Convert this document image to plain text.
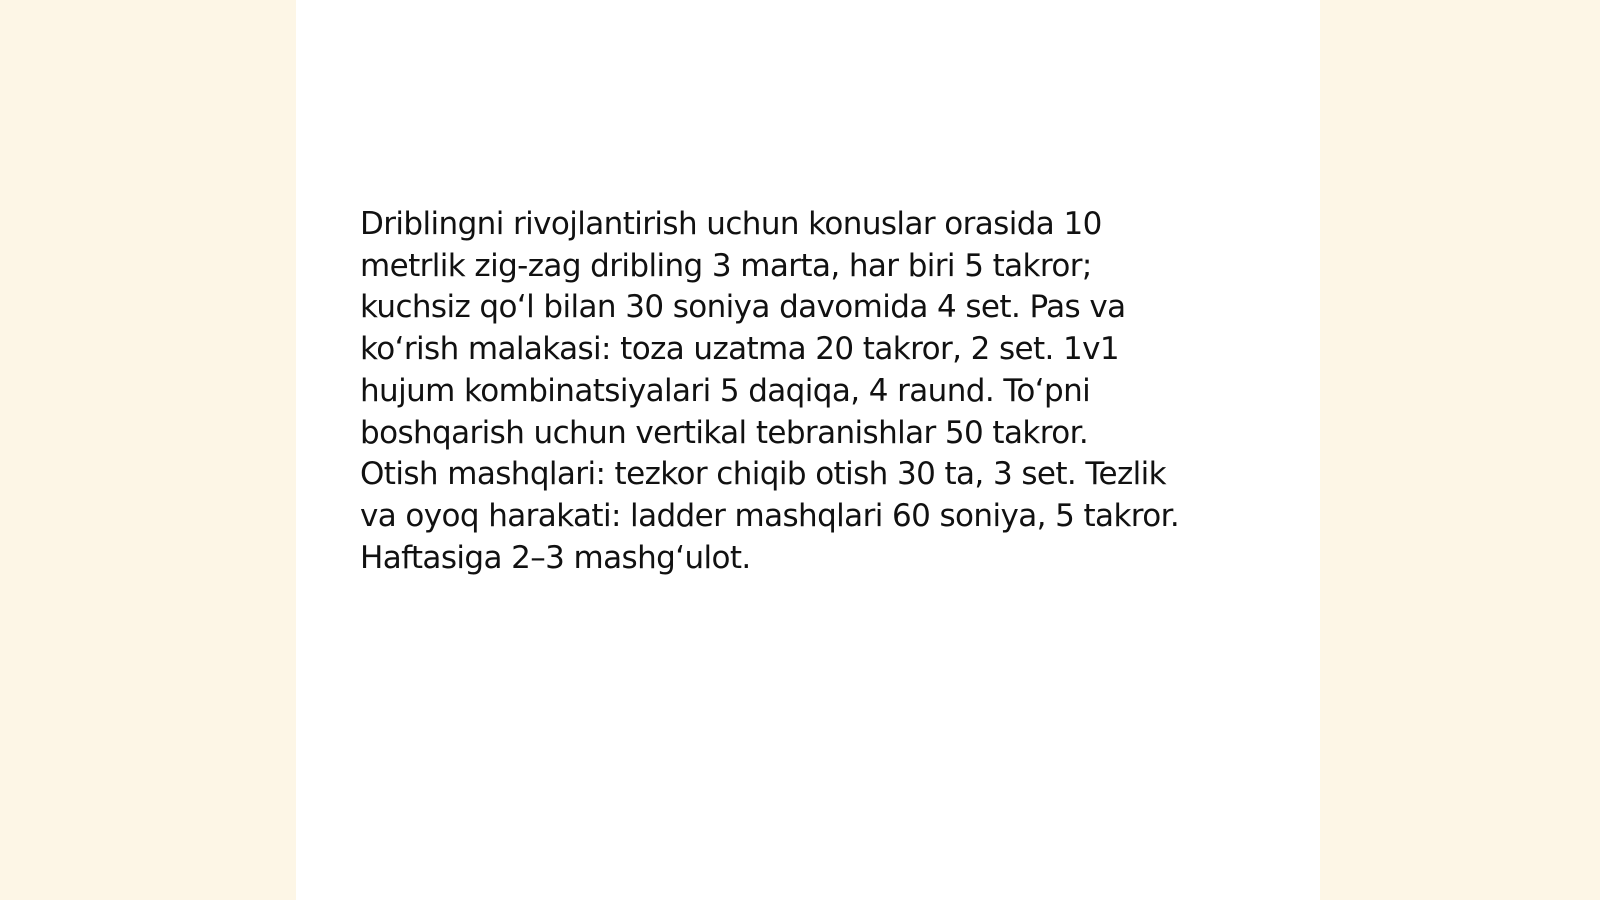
Driblingni rivojlantirish uchun konuslar orasida 10
metrlik zig-zag dribling 3 marta, har biri 5 takror;
kuchsiz qo‘l bilan 30 soniya davomida 4 set. Pas va
ko‘rish malakasi: toza uzatma 20 takror, 2 set. 1v1
hujum kombinatsiyalari 5 daqiqa, 4 raund. To‘pni
boshqarish uchun vertikal tebranishlar 50 takror.
Otish mashqlari: tezkor chiqib otish 30 ta, 3 set. Tezlik
va oyoq harakati: ladder mashqlari 60 soniya, 5 takror.
Haftasiga 2–3 mashg‘ulot.
